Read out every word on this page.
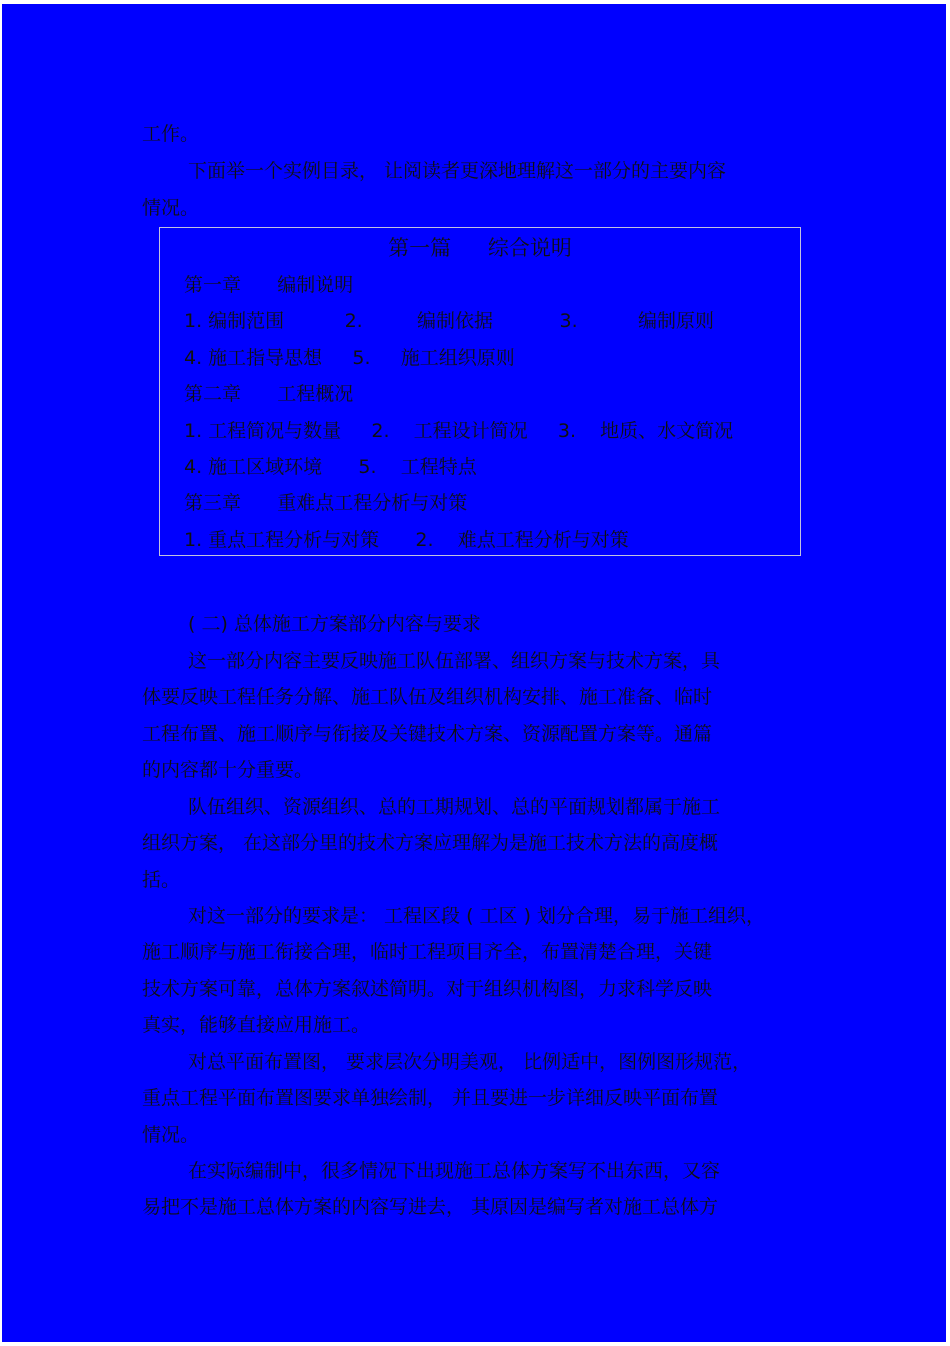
工作。
下面举一个实例目录， 让阅读者更深地理解这一部分的主要内容
情况。
第一篇 综合说明
第一章      编制说明
1. 编制范围          2.         编制依据           3.          编制原则
4. 施工指导思想     5.     施工组织原则
第二章      工程概况
1. 工程简况与数量     2.    工程设计简况     3.    地质、水文简况
4. 施工区域环境      5.    工程特点
第三章      重难点工程分析与对策
1. 重点工程分析与对策      2.    难点工程分析与对策
( 二) 总体施工方案部分内容与要求
这一部分内容主要反映施工队伍部署、组织方案与技术方案，具
体要反映工程任务分解、施工队伍及组织机构安排、施工准备、临时
工程布置、施工顺序与衔接及关键技术方案、资源配置方案等。通篇
的内容都十分重要。
队伍组织、资源组织、总的工期规划、总的平面规划都属于施工
组织方案， 在这部分里的技术方案应理解为是施工技术方法的高度概
括。
对这一部分的要求是： 工程区段 ( 工区 ) 划分合理，易于施工组织，
施工顺序与施工衔接合理，临时工程项目齐全，布置清楚合理，关键
技术方案可靠，总体方案叙述简明。对于组织机构图，力求科学反映
真实，能够直接应用施工。
对总平面布置图， 要求层次分明美观， 比例适中，图例图形规范，
重点工程平面布置图要求单独绘制， 并且要进一步详细反映平面布置
情况。
在实际编制中，很多情况下出现施工总体方案写不出东西，又容
易把不是施工总体方案的内容写进去， 其原因是编写者对施工总体方
